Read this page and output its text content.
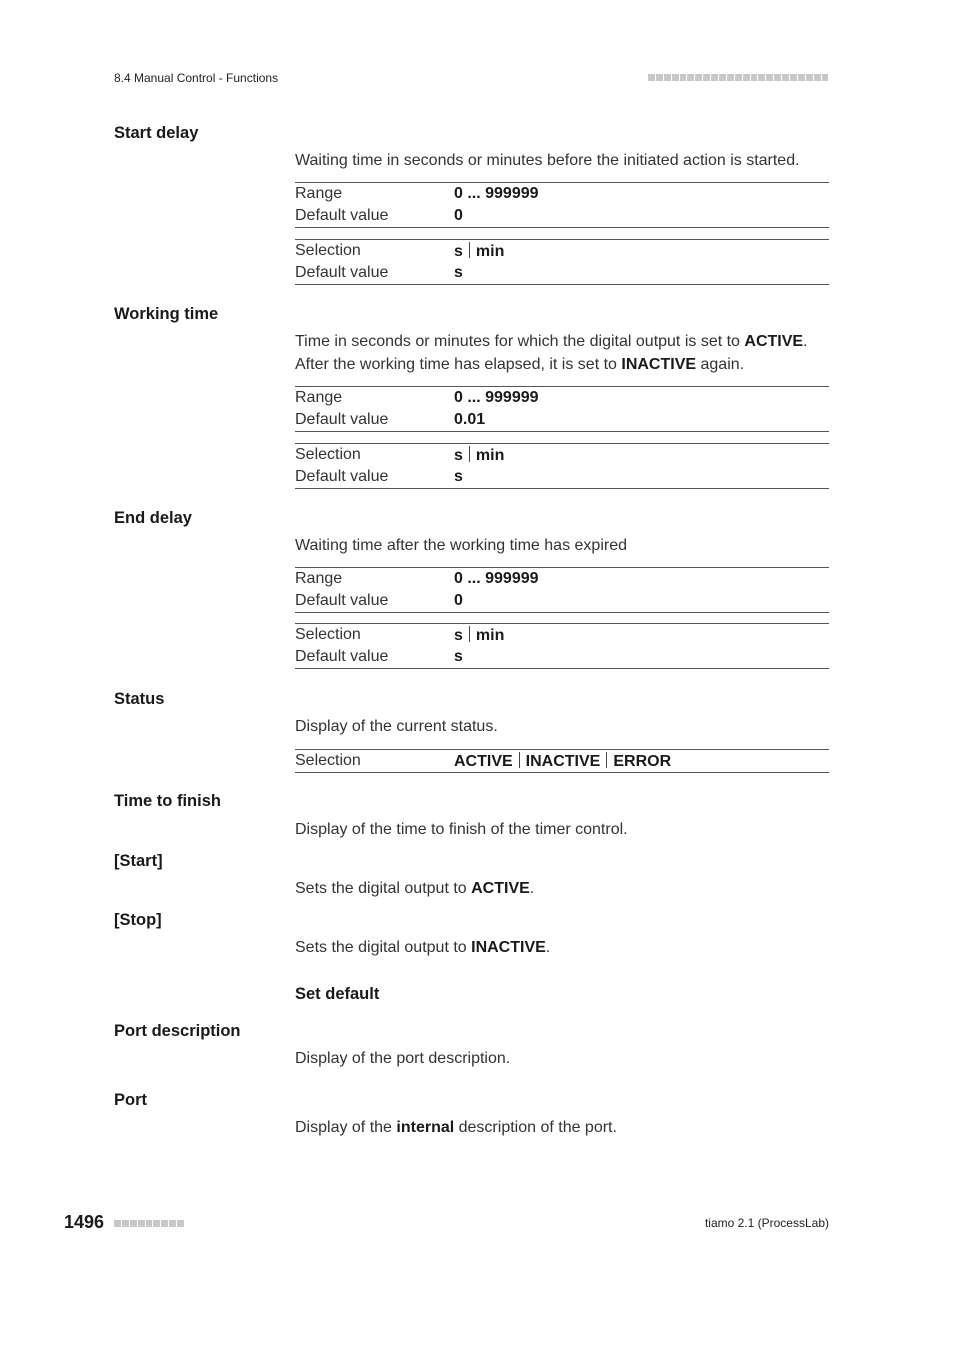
8.4 Manual Control - Functions
Start delay
Waiting time in seconds or minutes before the initiated action is started.
Range	0 ... 999999
Default value	0
Selection	s min
Default value	s
Working time
Time in seconds or minutes for which the digital output is set to ACTIVE.
After the working time has elapsed, it is set to INACTIVE again.
Range	0 ... 999999
Default value	0.01
Selection	s min
Default value	s
End delay
Waiting time after the working time has expired
Range	0 ... 999999
Default value	0
Selection	s min
Default value	s
Status
Display of the current status.
Selection	ACTIVE INACTIVE ERROR
Time to finish
Display of the time to finish of the timer control.
[Start]
Sets the digital output to ACTIVE.
[Stop]
Sets the digital output to INACTIVE.
Set default
Port description
Display of the port description.
Port
Display of the internal description of the port.
1496	tiamo 2.1 (ProcessLab)
